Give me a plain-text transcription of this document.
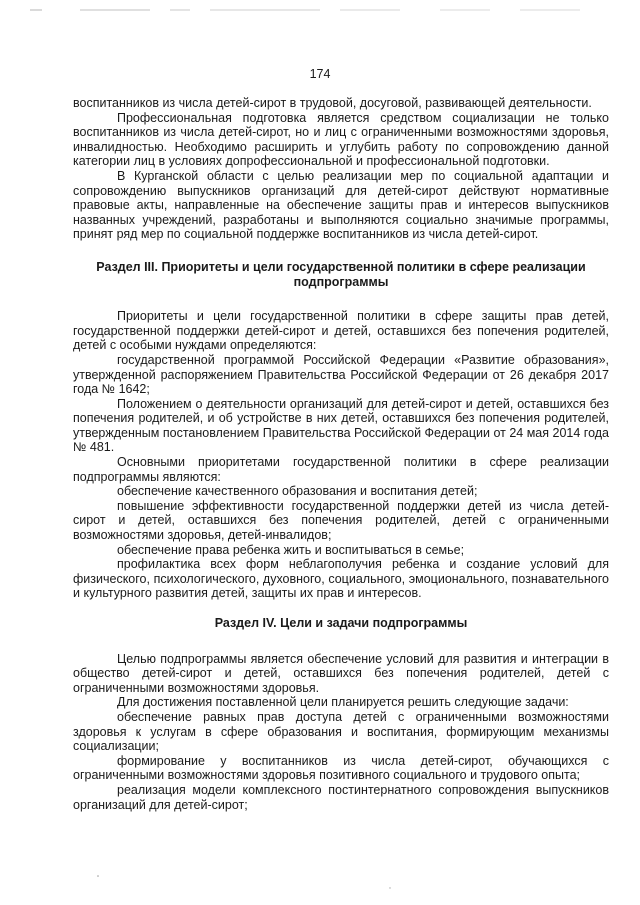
174

воспитанников из числа детей-сирот в трудовой, досуговой, развивающей деятельности.

Профессиональная подготовка является средством социализации не только воспитанников из числа детей-сирот, но и лиц с ограниченными возможностями здоровья, инвалидностью. Необходимо расширить и углубить работу по сопровождению данной категории лиц в условиях допрофессиональной и профессиональной подготовки.

В Курганской области с целью реализации мер по социальной адаптации и сопровождению выпускников организаций для детей-сирот действуют нормативные правовые акты, направленные на обеспечение защиты прав и интересов выпускников названных учреждений, разработаны и выполняются социально значимые программы, принят ряд мер по социальной поддержке воспитанников из числа детей-сирот.

Раздел III. Приоритеты и цели государственной политики в сфере реализации подпрограммы

Приоритеты и цели государственной политики в сфере защиты прав детей, государственной поддержки детей-сирот и детей, оставшихся без попечения родителей, детей с особыми нуждами определяются:

государственной программой Российской Федерации «Развитие образования», утвержденной распоряжением Правительства Российской Федерации от 26 декабря 2017 года № 1642;

Положением о деятельности организаций для детей-сирот и детей, оставшихся без попечения родителей, и об устройстве в них детей, оставшихся без попечения родителей, утвержденным постановлением Правительства Российской Федерации от 24 мая 2014 года № 481.

Основными приоритетами государственной политики в сфере реализации подпрограммы являются:

обеспечение качественного образования и воспитания детей;

повышение эффективности государственной поддержки детей из числа детей-сирот и детей, оставшихся без попечения родителей, детей с ограниченными возможностями здоровья, детей-инвалидов;

обеспечение права ребенка жить и воспитываться в семье;

профилактика всех форм неблагополучия ребенка и создание условий для физического, психологического, духовного, социального, эмоционального, познавательного и культурного развития детей, защиты их прав и интересов.

Раздел IV. Цели и задачи подпрограммы

Целью подпрограммы является обеспечение условий для развития и интеграции в общество детей-сирот и детей, оставшихся без попечения родителей, детей с ограниченными возможностями здоровья.

Для достижения поставленной цели планируется решить следующие задачи:

обеспечение равных прав доступа детей с ограниченными возможностями здоровья к услугам в сфере образования и воспитания, формирующим механизмы социализации;

формирование у воспитанников из числа детей-сирот, обучающихся с ограниченными возможностями здоровья позитивного социального и трудового опыта;

реализация модели комплексного постинтернатного сопровождения выпускников организаций для детей-сирот;
